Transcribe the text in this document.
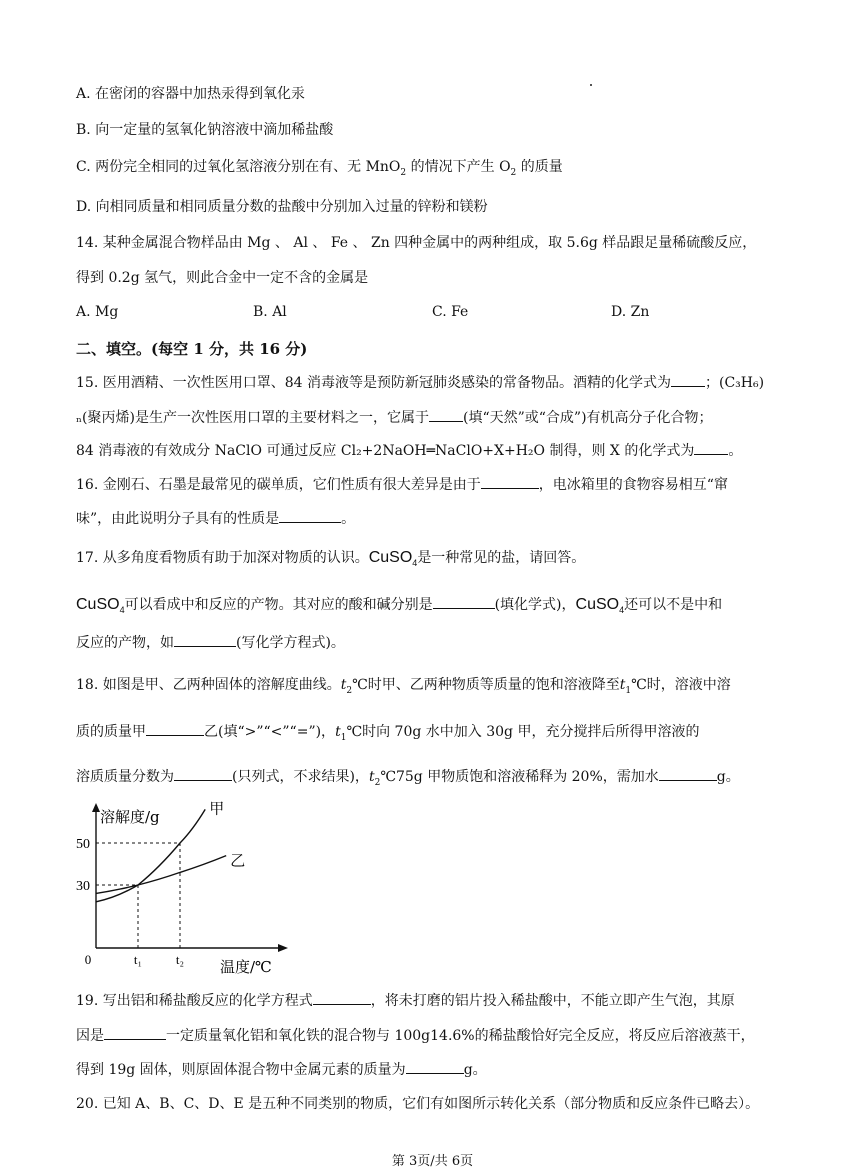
A. 在密闭的容器中加热汞得到氧化汞
B. 向一定量的氢氧化钠溶液中滴加稀盐酸
C. 两份完全相同的过氧化氢溶液分别在有、无 MnO$_2$ 的情况下产生 $O_2$ 的质量
D. 向相同质量和相同质量分数的盐酸中分别加入过量的锌粉和镁粉
14. 某种金属混合物样品由 Mg 、 Al 、 Fe 、 Zn 四种金属中的两种组成，取 5.6g 样品跟足量稀硫酸反应，
得到 0.2g 氢气，则此合金中一定不含的金属是
A. Mg	B. Al	C. Fe	D. Zn
二、填空。(每空 1 分，共 16 分)
15. 医用酒精、一次性医用口罩、84 消毒液等是预防新冠肺炎感染的常备物品。酒精的化学式为 ；(C₃H₆)
ₙ(聚丙烯)是生产一次性医用口罩的主要材料之一，它属于 (填“天然”或“合成”)有机高分子化合物；
84 消毒液的有效成分 NaClO 可通过反应 Cl₂+2NaOH═NaClO+X+H₂O 制得，则 X 的化学式为 。
16. 金刚石、石墨是最常见的碳单质，它们性质有很大差异是由于	，电冰箱里的食物容易相互“窜
味”，由此说明分子具有的性质是	。
17. 从多角度看物质有助于加深对物质的认识。CuSO$_4$是一种常见的盐，请回答。
CuSO$_4$可以看成中和反应的产物。其对应的酸和碱分别是	(填化学式)，CuSO$_4$还可以不是中和
反应的产物，如	(写化学方程式)。
18. 如图是甲、乙两种固体的溶解度曲线。$t_2℃$时甲、乙两种物质等质量的饱和溶液降至$t_1℃$时，溶液中溶
质的质量甲	乙(填“>”“<”“=”)，$t_1℃$时向 70g 水中加入 30g 甲，充分搅拌后所得甲溶液的
溶质质量分数为	(只列式，不求结果)，$t_2℃75g$ 甲物质饱和溶液稀释为 20%，需加水	g。
溶解度/g
温度/℃
0
30
50
t₁	t₂
甲
乙
19. 写出铝和稀盐酸反应的化学方程式	，将未打磨的铝片投入稀盐酸中，不能立即产生气泡，其原
因是	一定质量氧化铝和氧化铁的混合物与 100g14.6%的稀盐酸恰好完全反应，将反应后溶液蒸干，
得到 19g 固体，则原固体混合物中金属元素的质量为	g。
20. 已知 A、B、C、D、E 是五种不同类别的物质，它们有如图所示转化关系（部分物质和反应条件已略去）。
第 3页/共 6页
